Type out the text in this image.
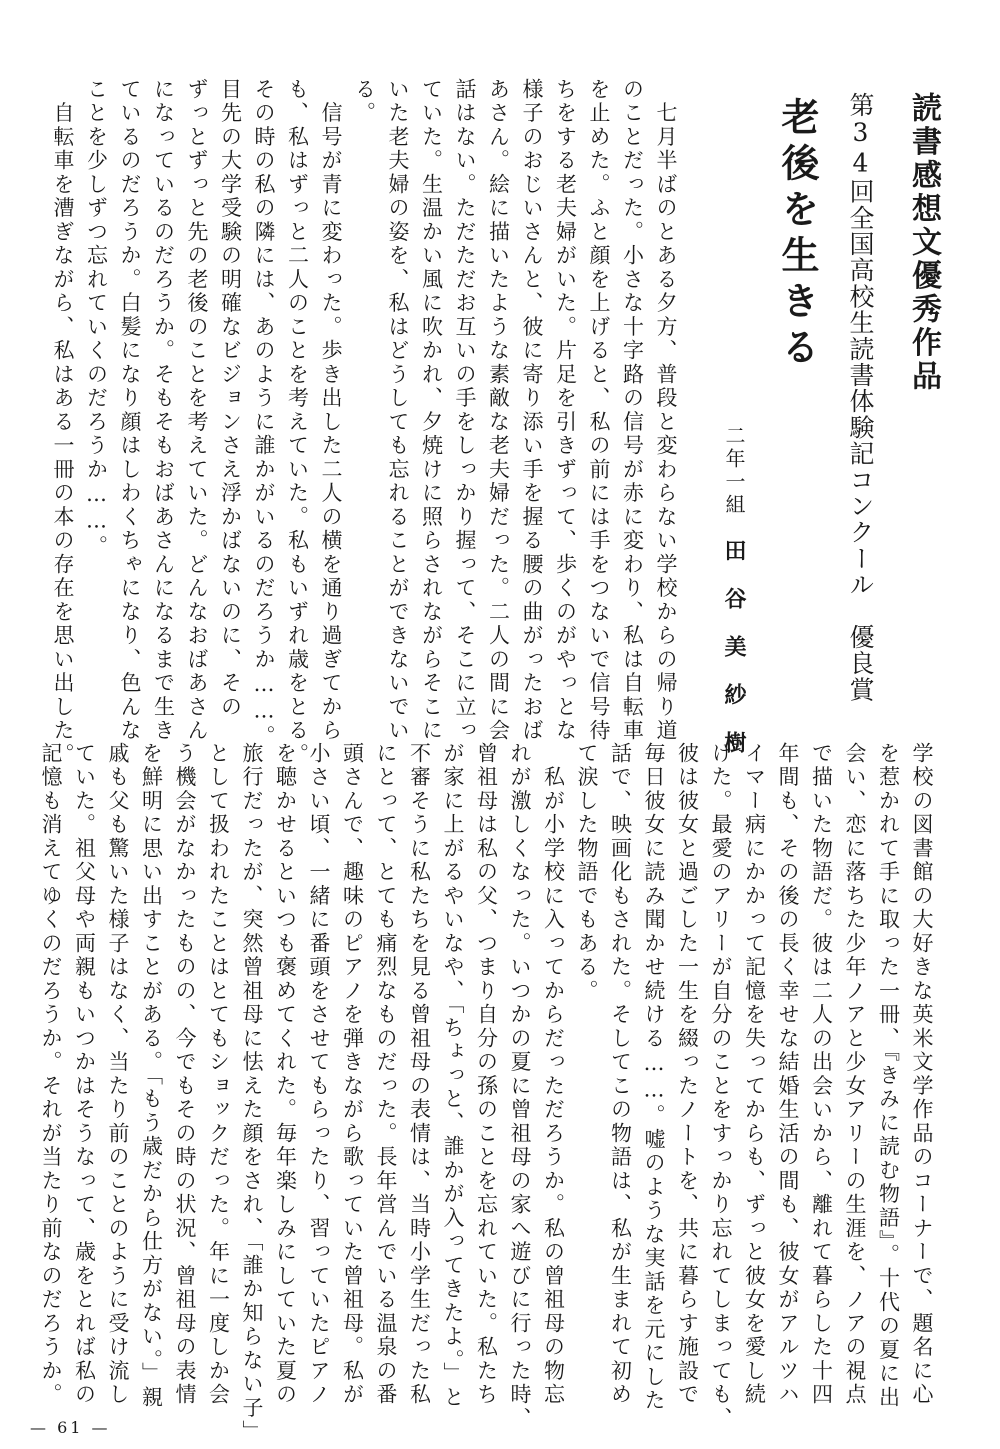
読書感想文優秀作品
第34回全国高校生読書体験記コンクール　優良賞
老後を生きる
二年一組田谷美紗樹
　七月半ばのとある夕方、普段と変わらない学校からの帰り道
のことだった。小さな十字路の信号が赤に変わり、私は自転車
を止めた。ふと顔を上げると、私の前には手をつないで信号待
ちをする老夫婦がいた。片足を引きずって、歩くのがやっとな
様子のおじいさんと、彼に寄り添い手を握る腰の曲がったおば
あさん。絵に描いたような素敵な老夫婦だった。二人の間に会
話はない。ただただお互いの手をしっかり握って、そこに立っ
ていた。生温かい風に吹かれ、夕焼けに照らされながらそこに
いた老夫婦の姿を、私はどうしても忘れることができないでい
る。
　信号が青に変わった。歩き出した二人の横を通り過ぎてから
も、私はずっと二人のことを考えていた。私もいずれ歳をとる。
その時の私の隣には、あのように誰かがいるのだろうか……。
目先の大学受験の明確なビジョンさえ浮かばないのに、その
ずっとずっと先の老後のことを考えていた。どんなおばあさん
になっているのだろうか。そもそもおばあさんになるまで生き
ているのだろうか。白髪になり顔はしわくちゃになり、色んな
ことを少しずつ忘れていくのだろうか……。
　自転車を漕ぎながら、私はある一冊の本の存在を思い出した。
学校の図書館の大好きな英米文学作品のコーナーで、題名に心
を惹かれて手に取った一冊、『きみに読む物語』。十代の夏に出
会い、恋に落ちた少年ノアと少女アリーの生涯を、ノアの視点
で描いた物語だ。彼は二人の出会いから、離れて暮らした十四
年間も、その後の長く幸せな結婚生活の間も、彼女がアルツハ
イマー病にかかって記憶を失ってからも、ずっと彼女を愛し続
けた。最愛のアリーが自分のことをすっかり忘れてしまっても、
彼は彼女と過ごした一生を綴ったノートを、共に暮らす施設で
毎日彼女に読み聞かせ続ける……。嘘のような実話を元にした
話で、映画化もされた。そしてこの物語は、私が生まれて初め
て涙した物語でもある。
　私が小学校に入ってからだっただろうか。私の曾祖母の物忘
れが激しくなった。いつかの夏に曾祖母の家へ遊びに行った時、
曾祖母は私の父、つまり自分の孫のことを忘れていた。私たち
が家に上がるやいなや、「ちょっと、誰かが入ってきたよ。」と
不審そうに私たちを見る曾祖母の表情は、当時小学生だった私
にとって、とても痛烈なものだった。長年営んでいる温泉の番
頭さんで、趣味のピアノを弾きながら歌っていた曾祖母。私が
小さい頃、一緒に番頭をさせてもらったり、習っていたピアノ
を聴かせるといつも褒めてくれた。毎年楽しみにしていた夏の
旅行だったが、突然曾祖母に怯えた顔をされ、「誰か知らない子」
として扱われたことはとてもショックだった。年に一度しか会
う機会がなかったものの、今でもその時の状況、曾祖母の表情
を鮮明に思い出すことがある。「もう歳だから仕方がない。」親
戚も父も驚いた様子はなく、当たり前のことのように受け流し
ていた。祖父母や両親もいつかはそうなって、歳をとれば私の
記憶も消えてゆくのだろうか。それが当たり前なのだろうか。
— 61 —
